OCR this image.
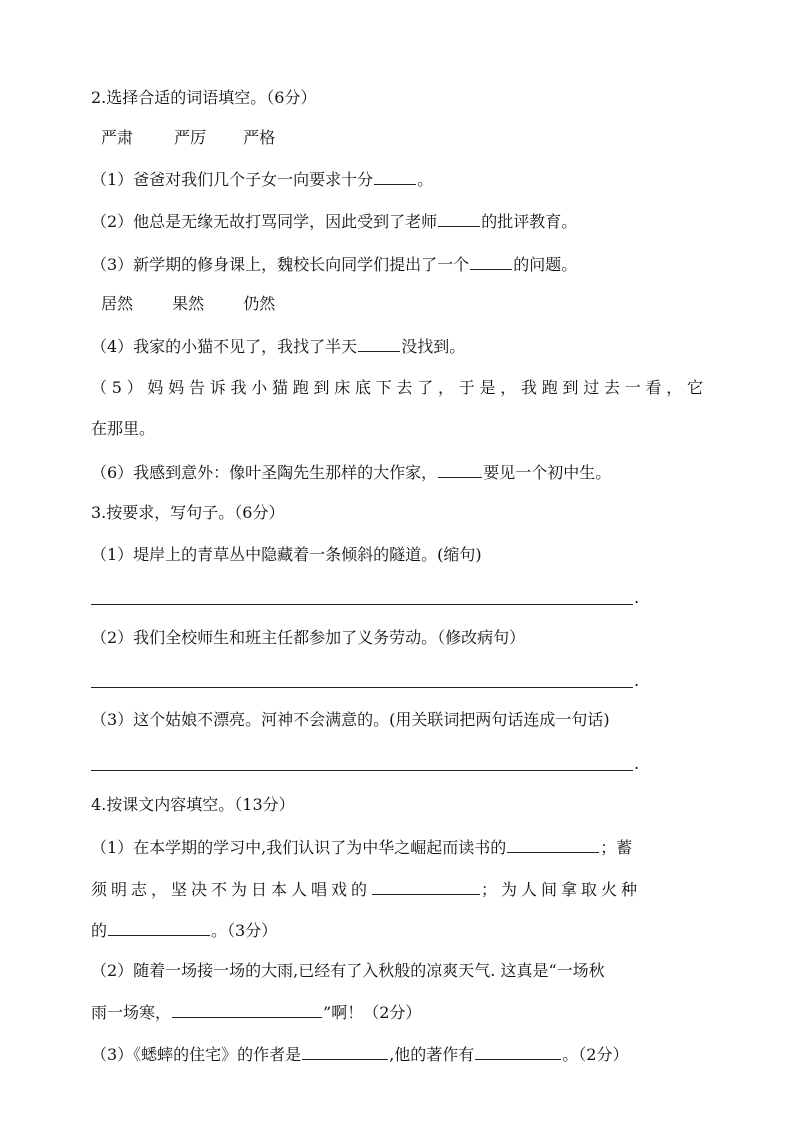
2.选择合适的词语填空。（6分）
严肃	严厉 严格
（1）爸爸对我们几个子女一向要求十分	。
（2）他总是无缘无故打骂同学，因此受到了老师	的批评教育。
（3）新学期的修身课上，魏校长向同学们提出了一个	的问题。
居然 果然 仍然
（4）我家的小猫不见了，我找了半天	没找到。
（5）妈妈告诉我小猫跑到床底下去了，于是，我跑到过去一看，它
在那里。
（6）我感到意外：像叶圣陶先生那样的大作家，	要见一个初中生。
3.按要求，写句子。（6分）
（1）堤岸上的青草丛中隐藏着一条倾斜的隧道。(缩句)
.
（2）我们全校师生和班主任都参加了义务劳动。（修改病句）
.
（3）这个姑娘不漂亮。河神不会满意的。(用关联词把两句话连成一句话)
.
4.按课文内容填空。（13分）
（1）在本学期的学习中,我们认识了为中华之崛起而读书的	；蓄
须明志，坚决不为日本人唱戏的	；为人间拿取火种
的	。（3分）
（2）随着一场接一场的大雨,已经有了入秋般的凉爽天气. 这真是“一场秋
雨一场寒，	”啊！（2分）
（3）《蟋蟀的住宅》的作者是	,他的著作有	。（2分）
